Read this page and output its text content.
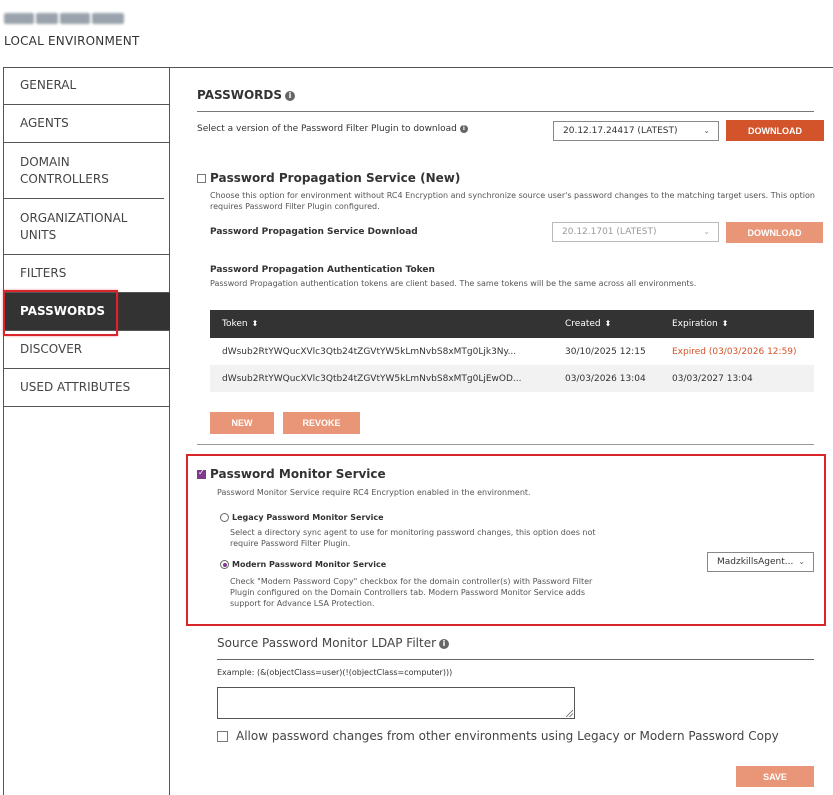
LOCAL ENVIRONMENT
GENERAL
AGENTS
DOMAIN CONTROLLERS
ORGANIZATIONAL UNITS
FILTERS
PASSWORDS
DISCOVER
USED ATTRIBUTES
PASSWORDS i
Select a version of the Password Filter Plugin to download i	20.12.17.24417 (LATEST)	⌄	DOWNLOAD
Password Propagation Service (New)
Choose this option for environment without RC4 Encryption and synchronize source user's password changes to the matching target users. This option requires Password Filter Plugin configured.
Password Propagation Service Download	20.12.1701 (LATEST)	⌄	DOWNLOAD
Password Propagation Authentication Token
Password Propagation authentication tokens are client based. The same tokens will be the same across all environments.
Token ⬍	Created ⬍	Expiration ⬍
dWsub2RtYWQucXVlc3Qtb24tZGVtYW5kLmNvbS8xMTg0Ljk3Ny...	30/10/2025 12:15	Expired (03/03/2026 12:59)
dWsub2RtYWQucXVlc3Qtb24tZGVtYW5kLmNvbS8xMTg0LjEwOD...	03/03/2026 13:04	03/03/2027 13:04
NEW	REVOKE
✓
Password Monitor Service
Password Monitor Service require RC4 Encryption enabled in the environment.
Legacy Password Monitor Service
Select a directory sync agent to use for monitoring password changes, this option does not require Password Filter Plugin.
Modern Password Monitor Service
Check "Modern Password Copy" checkbox for the domain controller(s) with Password Filter Plugin configured on the Domain Controllers tab. Modern Password Monitor Service adds support for Advance LSA Protection.
MadzkillsAgent... ⌄
Source Password Monitor LDAP Filter i
Example: (&(objectClass=user)(!(objectClass=computer)))
Allow password changes from other environments using Legacy or Modern Password Copy
SAVE
